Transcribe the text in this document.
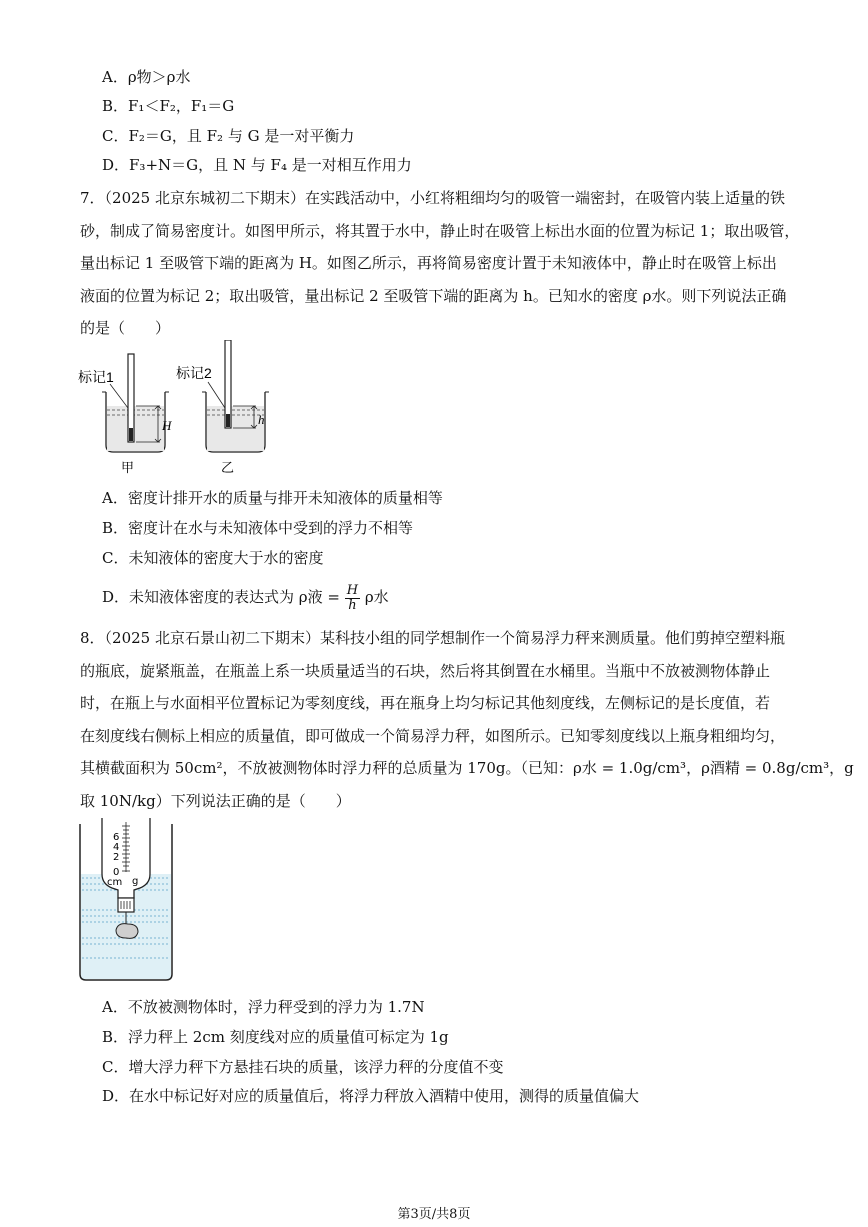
A．ρ物＞ρ水
B．F₁＜F₂，F₁＝G
C．F₂＝G，且 F₂ 与 G 是一对平衡力
D．F₃+N＝G，且 N 与 F₄ 是一对相互作用力
7．（2025 北京东城初二下期末）在实践活动中，小红将粗细均匀的吸管一端密封，在吸管内装上适量的铁
砂，制成了简易密度计。如图甲所示，将其置于水中，静止时在吸管上标出水面的位置为标记 1；取出吸管，
量出标记 1 至吸管下端的距离为 H。如图乙所示，再将简易密度计置于未知液体中，静止时在吸管上标出
液面的位置为标记 2；取出吸管，量出标记 2 至吸管下端的距离为 h。已知水的密度 ρ水。则下列说法正确
的是（　　）
标记1
H
甲
标记2
h
乙
A．密度计排开水的质量与排开未知液体的质量相等
B．密度计在水与未知液体中受到的浮力不相等
C．未知液体的密度大于水的密度
D．未知液体密度的表达式为 ρ液 = $\frac{H}{h}$ ρ水
8．（2025 北京石景山初二下期末）某科技小组的同学想制作一个简易浮力秤来测质量。他们剪掉空塑料瓶
的瓶底，旋紧瓶盖，在瓶盖上系一块质量适当的石块，然后将其倒置在水桶里。当瓶中不放被测物体静止
时，在瓶上与水面相平位置标记为零刻度线，再在瓶身上均匀标记其他刻度线，左侧标记的是长度值，若
在刻度线右侧标上相应的质量值，即可做成一个简易浮力秤，如图所示。已知零刻度线以上瓶身粗细均匀，
其横截面积为 50cm²，不放被测物体时浮力秤的总质量为 170g。（已知：ρ水 = 1.0g/cm³，ρ酒精 = 0.8g/cm³，g
取 10N/kg）下列说法正确的是（　　）
6
4
2
0
cm g
A．不放被测物体时，浮力秤受到的浮力为 1.7N
B．浮力秤上 2cm 刻度线对应的质量值可标定为 1g
C．增大浮力秤下方悬挂石块的质量，该浮力秤的分度值不变
D．在水中标记好对应的质量值后，将浮力秤放入酒精中使用，测得的质量值偏大
第3页/共8页
